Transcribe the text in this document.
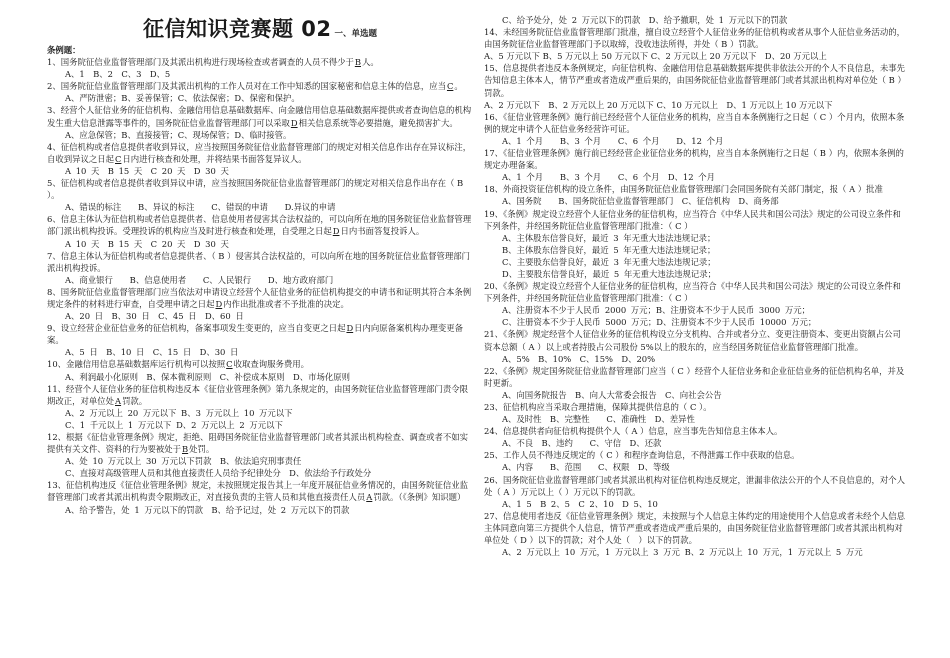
征信知识竞赛题 02 一、单选题
条例题：
1、国务院征信业监督管理部门及其派出机构进行现场检查或者调查的人员不得少于B人。
A、1　B、2　C、3　D、5
2、国务院征信业监督管理部门及其派出机构的工作人员对在工作中知悉的国家秘密和信息主体的信息，应当C。
A、严防泄密；B、妥善保管；C、依法保密；D、保密和保护。
3、经营个人征信业务的征信机构、金融信用信息基础数据库、向金融信用信息基础数据库提供或者查询信息的机构发生重大信息泄露等事件的，国务院征信业监督管理部门可以采取D相关信息系统等必要措施，避免损害扩大。
A、应急保管；B、直接接管；C、现场保管；D、临时接管。
4、征信机构或者信息提供者收到异议，应当按照国务院征信业监督管理部门的规定对相关信息作出存在异议标注，自收到异议之日起C日内进行核查和处理，并将结果书面答复异议人。
A 10 天　B 15 天　C 20 天　D 30 天
5、征信机构或者信息提供者收到异议申请，应当按照国务院征信业监督管理部门的规定对相关信息作出存在（ B ）。
A、错误的标注　　B、异议的标注　　C、错误的申请　　D.异议的申请
6、信息主体认为征信机构或者信息提供者、信息使用者侵害其合法权益的，可以向所在地的国务院征信业监督管理部门派出机构投诉。受理投诉的机构应当及时进行核查和处理，自受理之日起D日内书面答复投诉人。
A 10 天　B 15 天　C 20 天　D 30 天
7、信息主体认为征信机构或者信息提供者、（ B ）侵害其合法权益的，可以向所在地的国务院征信业监督管理部门派出机构投诉。
A、商业银行　　B、信息使用者　　C、人民银行　　D、地方政府部门
8、国务院征信业监督管理部门应当依法对申请设立经营个人征信业务的征信机构提交的申请书和证明其符合本条例规定条件的材料进行审查，自受理申请之日起D内作出批准或者不予批准的决定。
A、20 日　B、30 日　C、45 日　D、60 日
9、设立经营企业征信业务的征信机构，备案事项发生变更的，应当自变更之日起D日内向原备案机构办理变更备案。
A、5 日　B、10 日　C、15 日　D、30 日
10、金融信用信息基础数据库运行机构可以按照C收取查询服务费用。
A、利润最小化原则　B、保本微利原则　C、补偿成本原则　D、市场化原则
11、经营个人征信业务的征信机构违反本《征信业管理条例》第九条规定的，由国务院征信业监督管理部门责令限期改正，对单位处A罚款。
A、2 万元以上 20 万元以下 B、3 万元以上 10 万元以下
C、1 千元以上 1 万元以下 D、2 万元以上 2 万元以下
12、根据《征信业管理条例》规定，拒绝、阻碍国务院征信业监督管理部门或者其派出机构检查、调查或者不如实提供有关文件、资料的行为要被处于B处罚。
A、处 10 万元以上 30 万元以下罚款　B、依法追究刑事责任
C、直接对高级管理人员和其他直接责任人员给予纪律处分　D、依法给予行政处分
13、征信机构违反《征信业管理条例》规定，未按照规定报告其上一年度开展征信业务情况的，由国务院征信业监督管理部门或者其派出机构责令限期改正，对直接负责的主管人员和其他直接责任人员A罚款。（《条例》知识题）
A、给予警告，处 1 万元以下的罚款　B、给予记过，处 2 万元以下的罚款
C、给予处分，处 2 万元以下的罚款　D、给予撤职，处 1 万元以下的罚款
14、未经国务院征信业监督管理部门批准，擅自设立经营个人征信业务的征信机构或者从事个人征信业务活动的，由国务院征信业监督管理部门予以取缔，没收违法所得，并处（ B ）罚款。
A、5 万元以下 B、5 万元以上 50 万元以下 C、2 万元以上 20 万元以下　D、20 万元以上
15、信息提供者违反本条例规定，向征信机构、金融信用信息基础数据库提供非依法公开的个人不良信息，未事先告知信息主体本人，情节严重或者造成严重后果的，由国务院征信业监督管理部门或者其派出机构对单位处（ B ）罚款。
A、2 万元以下　B、2 万元以上 20 万元以下 C、10 万元以上　D、1 万元以上 10 万元以下
16、《征信业管理条例》施行前已经经营个人征信业务的机构，应当自本条例施行之日起（ C ）个月内，依照本条例的规定申请个人征信业务经营许可证。
A、1 个月　　B、3 个月　　C、6 个月　　D、12 个月
17、《征信业管理条例》施行前已经经营企业征信业务的机构，应当自本条例施行之日起（ B ）内，依照本条例的规定办理备案。
A、1 个月　　B、3 个月　　C、6 个月　D、12 个月
18、外商投资征信机构的设立条件，由国务院征信业监督管理部门会同国务院有关部门制定，报（ A ）批准
A、国务院　　B、国务院征信业监督管理部门　C、征信机构　D、商务部
19、《条例》规定设立经营个人征信业务的征信机构，应当符合《中华人民共和国公司法》规定的公司设立条件和下列条件，并经国务院征信业监督管理部门批准：（ C ）
A、主体股东信誉良好，最近 3 年无重大违法违规记录；
B、主体股东信誉良好，最近 5 年无重大违法违规记录；
C、主要股东信誉良好，最近 3 年无重大违法违规记录；
D、主要股东信誉良好，最近 5 年无重大违法违规记录；
20、《条例》规定设立经营个人征信业务的征信机构，应当符合《中华人民共和国公司法》规定的公司设立条件和下列条件，并经国务院征信业监督管理部门批准：（ C ）
A、注册资本不少于人民币 2000 万元；B、注册资本不少于人民币 3000 万元；
C、注册资本不少于人民币 5000 万元；D、注册资本不少于人民币 10000 万元；
21、《条例》规定经营个人征信业务的征信机构设立分支机构、合并或者分立、变更注册资本、变更出资额占公司资本总额（ A ）以上或者持股占公司股份 5%以上的股东的，应当经国务院征信业监督管理部门批准。
A、5%　B、10%　C、15%　D、20%
22、《条例》规定国务院征信业监督管理部门应当（ C ）经营个人征信业务和企业征信业务的征信机构名单，并及时更新。
A、向国务院报告　B、向人大常委会报告　C、向社会公告
23、征信机构应当采取合理措施，保障其提供信息的（ C ）。
A、及时性　B、完整性　　C、准确性　D、差异性
24、信息提供者向征信机构提供个人（ A ）信息，应当事先告知信息主体本人。
A、不良　B、违约　　C、守信　D、还款
25、工作人员不得违反规定的（ C ）和程序查询信息，不得泄露工作中获取的信息。
A、内容　　B、范围　　C、权限　D、等级
26、国务院征信业监督管理部门或者其派出机构对征信机构违反规定，泄漏非依法公开的个人不良信息的，对个人处（ A ）万元以上（ ）万元以下的罚款。
A、1 5　B 2、5　C 2、10　D 5、10
27、信息使用者违反《征信业管理条例》规定，未按照与个人信息主体约定的用途使用个人信息或者未经个人信息主体同意向第三方提供个人信息，情节严重或者造成严重后果的，由国务院征信业监督管理部门或者其派出机构对单位处（ D ）以下的罚款；对个人处（　）以下的罚款。
A、2 万元以上 10 万元，1 万元以上 3 万元 B、2 万元以上 10 万元，1 万元以上 5 万元
